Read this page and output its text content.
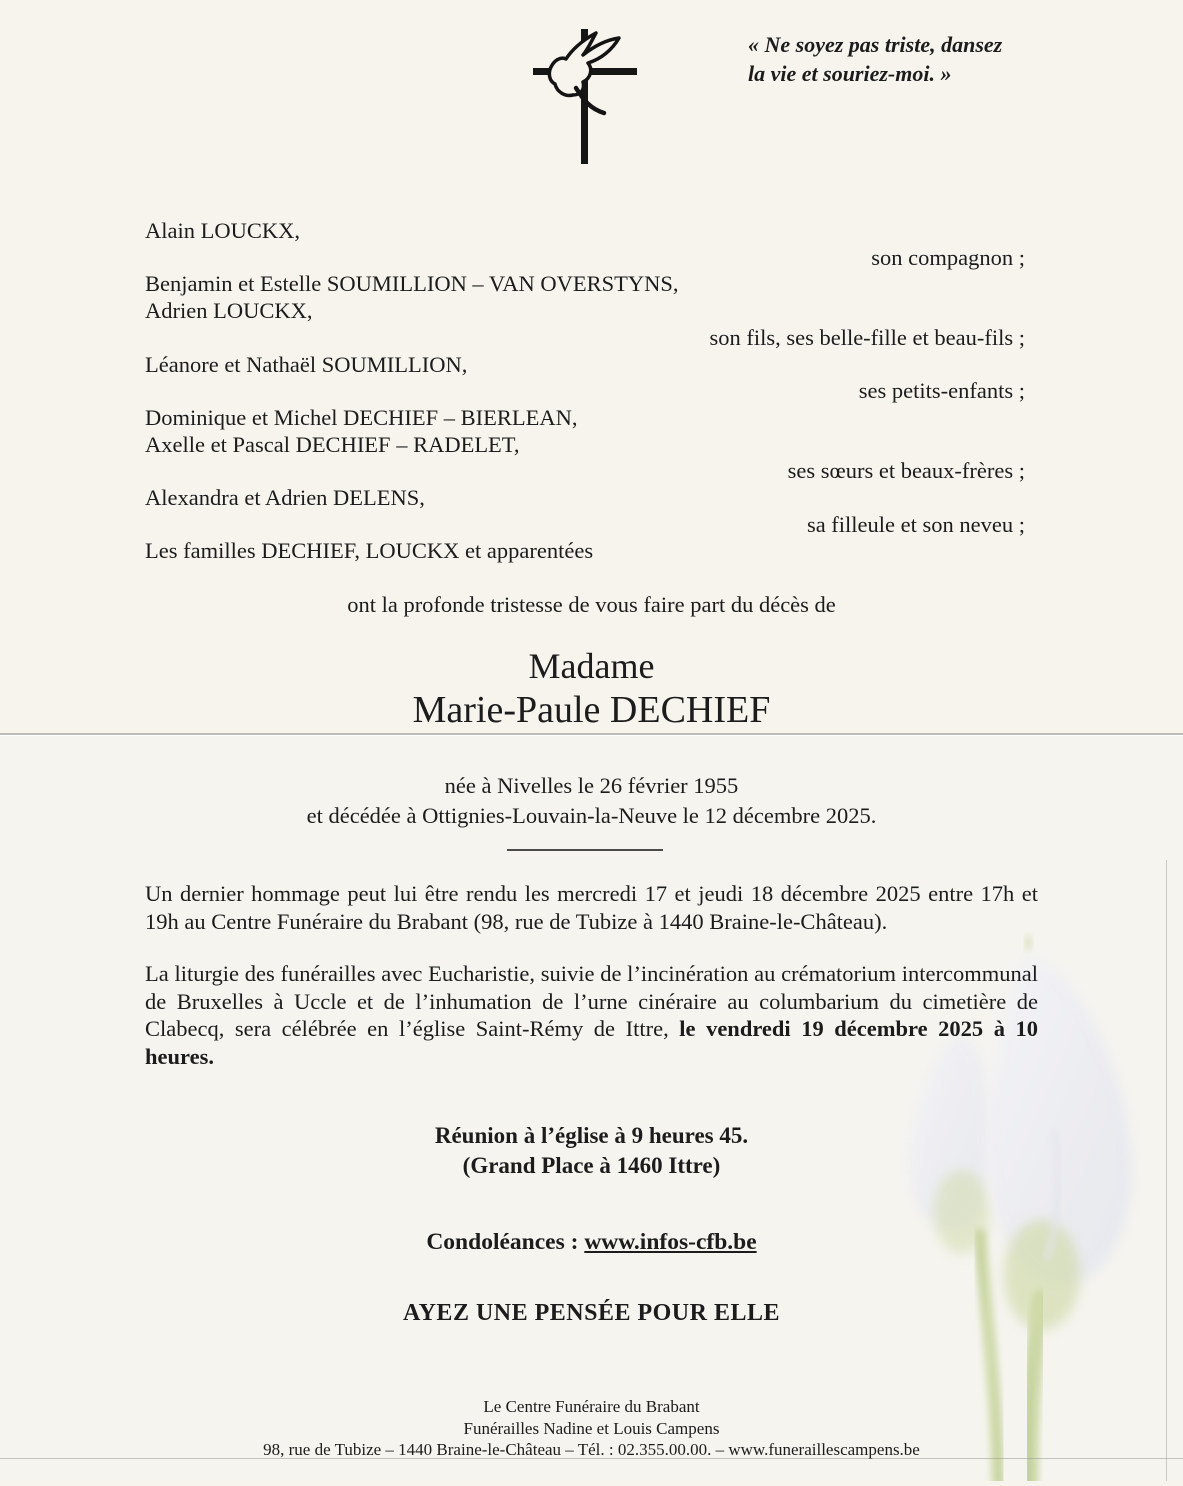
« Ne soyez pas triste, dansez
la vie et souriez-moi. »
Alain LOUCKX,
son compagnon ;
Benjamin et Estelle SOUMILLION – VAN OVERSTYNS,
Adrien LOUCKX,
son fils, ses belle-fille et beau-fils ;
Léanore et Nathaël SOUMILLION,
ses petits-enfants ;
Dominique et Michel DECHIEF – BIERLEAN,
Axelle et Pascal DECHIEF – RADELET,
ses sœurs et beaux-frères ;
Alexandra et Adrien DELENS,
sa filleule et son neveu ;
Les familles DECHIEF, LOUCKX et apparentées
ont la profonde tristesse de vous faire part du décès de
Madame
Marie-Paule DECHIEF
née à Nivelles le 26 février 1955
et décédée à Ottignies-Louvain-la-Neuve le 12 décembre 2025.
Un dernier hommage peut lui être rendu les mercredi 17 et jeudi 18 décembre 2025 entre 17h et 19h au Centre Funéraire du Brabant (98, rue de Tubize à 1440 Braine-le-Château).
La liturgie des funérailles avec Eucharistie, suivie de l’incinération au crématorium intercommunal de Bruxelles à Uccle et de l’inhumation de l’urne cinéraire au columbarium du cimetière de Clabecq, sera célébrée en l’église Saint-Rémy de Ittre, le vendredi 19 décembre 2025 à 10 heures.
Réunion à l’église à 9 heures 45.
(Grand Place à 1460 Ittre)
Condoléances : www.infos-cfb.be
AYEZ UNE PENSÉE POUR ELLE
Le Centre Funéraire du Brabant
Funérailles Nadine et Louis Campens
98, rue de Tubize – 1440 Braine-le-Château – Tél. : 02.355.00.00. – www.funeraillescampens.be
